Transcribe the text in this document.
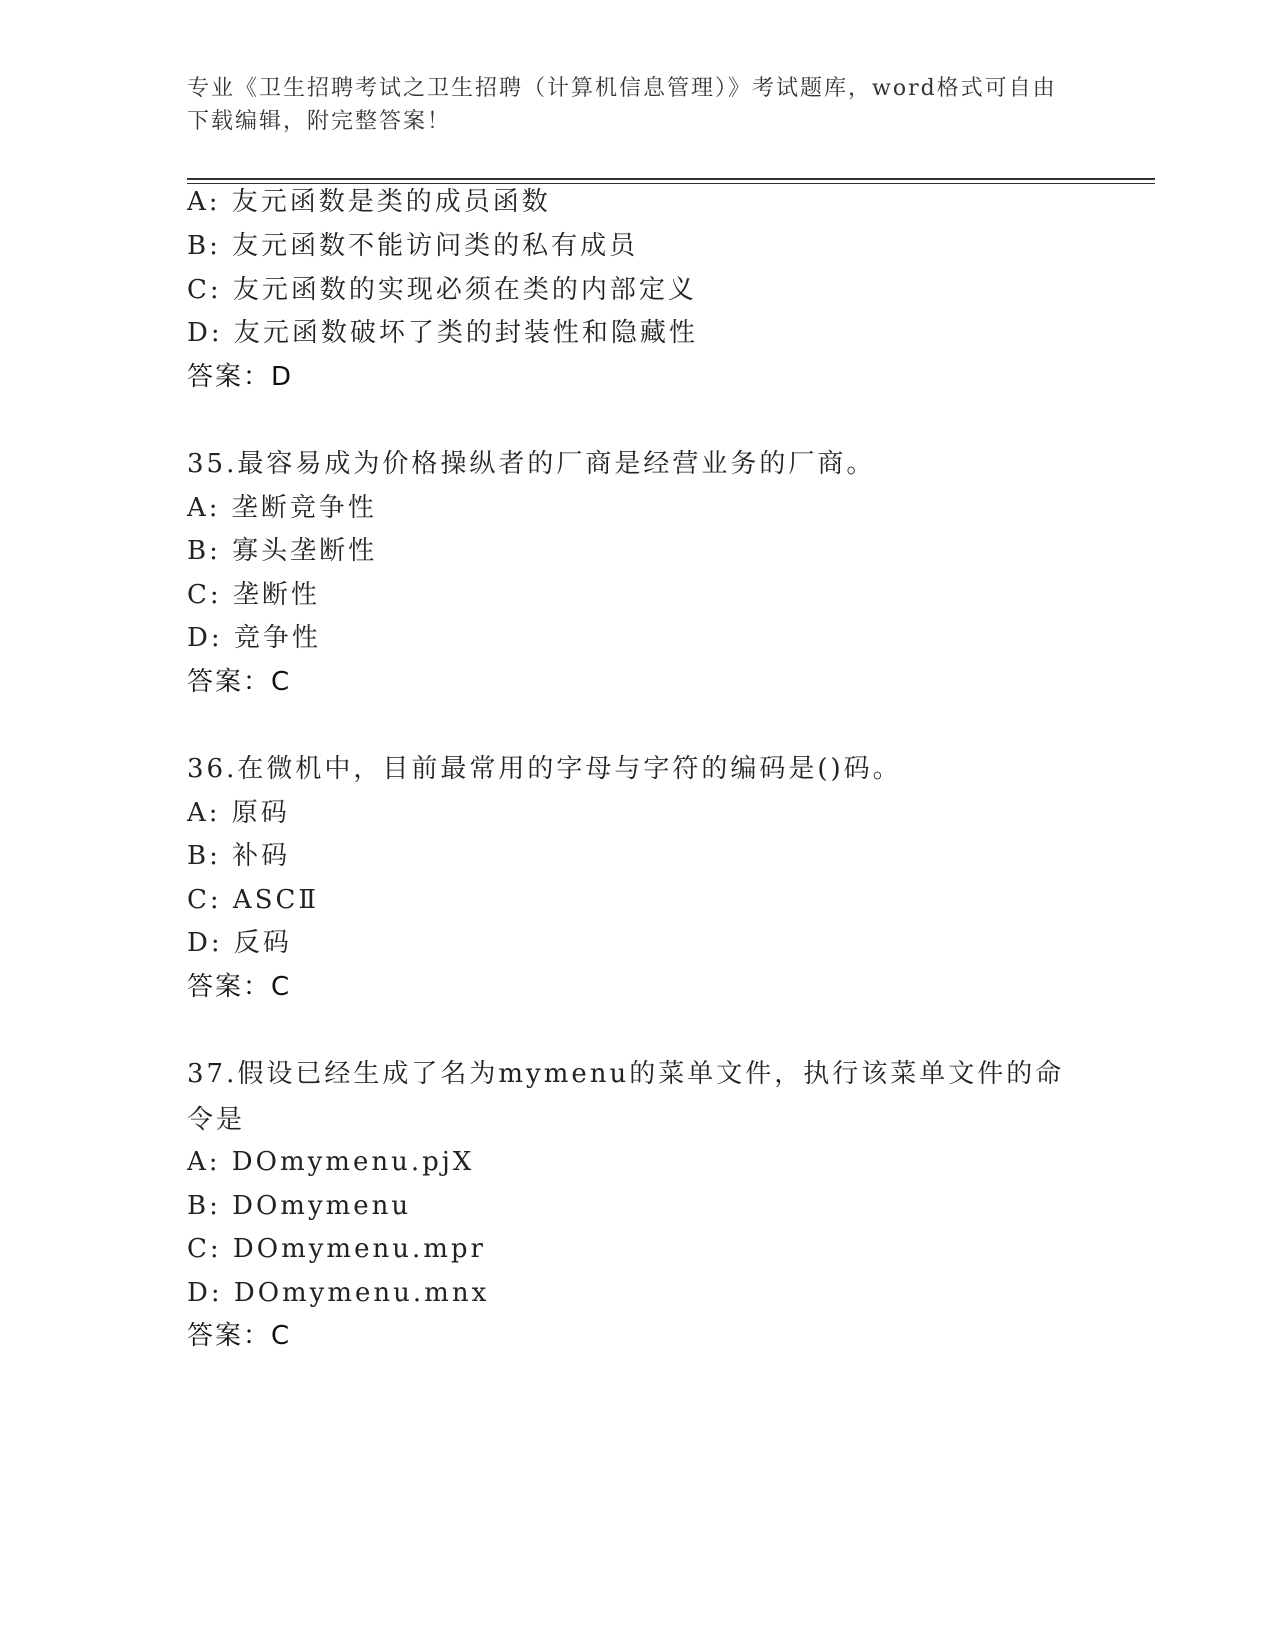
专业《卫生招聘考试之卫生招聘（计算机信息管理）》考试题库，word格式可自由下载编辑，附完整答案！
A: 友元函数是类的成员函数
B: 友元函数不能访问类的私有成员
C: 友元函数的实现必须在类的内部定义
D: 友元函数破坏了类的封装性和隐藏性
答案：D
35.最容易成为价格操纵者的厂商是经营业务的厂商。
A: 垄断竞争性
B: 寡头垄断性
C: 垄断性
D: 竞争性
答案：C
36.在微机中，目前最常用的字母与字符的编码是()码。
A: 原码
B: 补码
C: ASCⅡ
D: 反码
答案：C
37.假设已经生成了名为mymenu的菜单文件，执行该菜单文件的命令是
A: DOmymenu.pjX
B: DOmymenu
C: DOmymenu.mpr
D: DOmymenu.mnx
答案：C
